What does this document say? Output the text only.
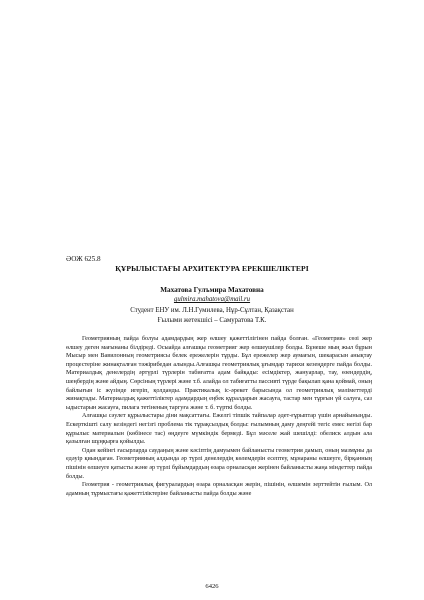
ӘОЖ 625.8
ҚҰРЫЛЫСТАҒЫ АРХИТЕКТУРА ЕРЕКШЕЛІКТЕРІ
Махатова Гулъмира Махатовна
gulmira.mahatova@mail.ru
Студент ЕНУ им. Л.Н.Гумилева, Нұр-Сұлтан, Қазақстан
Ғылыми жетекшісі – Самуратова Т.К.

Геометрияның пайда болуы адамдардың жер өлшеу қажеттілігінен пайда болған. «Геометрия» сөзі жер өлшеу деген мағынаны білдіреді. Осыайда алғашқы геометрияг жер өлшеушілер болды. Бұнеше мың жыл бұрын Мысыр мен Вавилонның геометриясы белек ережелерін тұрды. Бұл ережелер жер аумағын, шекарасын анықтау процестеріне жинақталған тәжірибедан алынды.Алғашқы геометриялық ұғымдар тарихи кезеңдерге пайда болды. Материалдық денелердің әртүрлі түрлерін табиғатта адам байқады: есімдіктер, жануарлар, тау, өзендердің, шеңбердің және айдың. Сөрсіның түрлері және т.б. алайда ол табиғатты пассивті түрде бақылап қана қоймай, оның байлығын іс жүзінде игеріп, қолданды. Практикалық іс-әрекет барысында ол геометриялық мәліметтерді жинақтады. Материалдық қажеттіліктер адамдардың еңбек құралдарын жасауға, тастар мен тұрғын үй салуға, саз ыдыстарын жасауға, пилага тетіненың таргуға және т. б. түрткі болды.

Алғашқы сәулет құрылыстары діни мақсаттағы. Ежелгі тіпшік тайпалар әдет-ғұрыптар үшін арнайыныңды. Ескерткішті салу кезіндегі негізгі проблема тік тұрақсыздық болды: ғылымның даму деңгейі тегіс емес негізі бар құрылыс материалын (көбінесе тас) өңдеуге мүмкіндік бермеді. Бұл мәселе жай шешілді: обелиск алдын ала қазылған шұңқырға қойылды.

Одан кейінгі ғасырларда саудаңың және кәсіптің дамуымен байланысты геометрия дамып, оның мазмұны да едәуір қиындаған. Геометрияның алдында әр түрлі денелердің көлемдерін есептеу, мұнараны өлшеуге, бірқанның пішінін өлшеуге қатысты және әр түрлі бұйымдардың өзара орналасқан жерінен байланысты жаңа міндеттер пайда болды.

Геометрия - геометриялық фигуралардың өзара орналасқан жерін, пішінін, өлшемін зерттейтін ғылым. Ол адамның тұрмыстағы қажеттіліктеріне байланысты пайда болды және

6426
